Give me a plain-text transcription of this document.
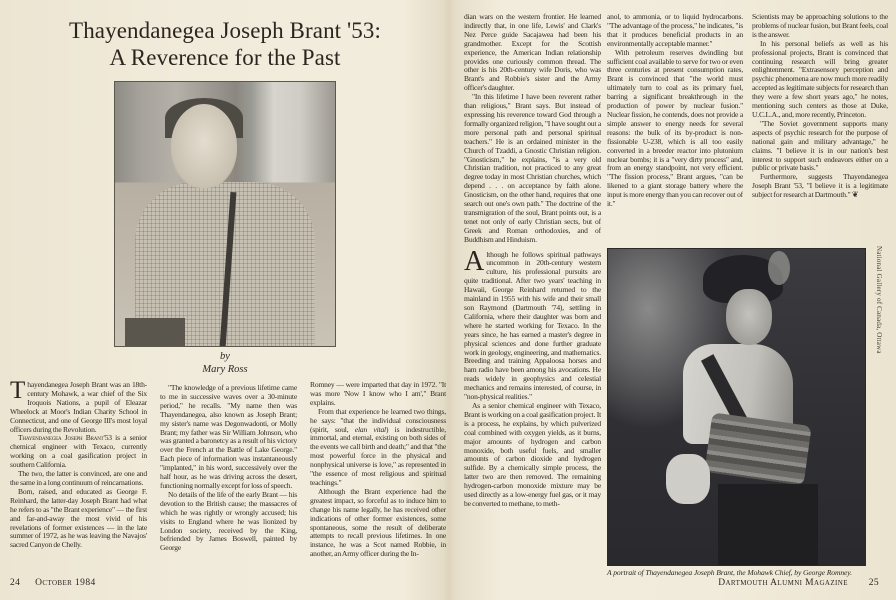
Thayendanegea Joseph Brant '53:
A Reverence for the Past
by
Mary Ross

Thayendanegea Joseph Brant was an 18th-century Mohawk, a war chief of the Six Iroquois Nations, a pupil of Eleazar Wheelock at Moor's Indian Charity School in Connecticut, and one of George III's most loyal officers during the Revolution.

Thayendanegea Joseph Brant'53 is a senior chemical engineer with Texaco, currently working on a coal gasification project in southern California.

The two, the latter is convinced, are one and the same in a long continuum of reincarnations.

Born, raised, and educated as George F. Reinhard, the latter-day Joseph Brant had what he refers to as "the Brant experience" — the first and far-and-away the most vivid of his revelations of former existences — in the late summer of 1972, as he was leaving the Navajos' sacred Canyon de Chelly.

"The knowledge of a previous lifetime came to me in successive waves over a 30-minute period," he recalls. "My name then was Thayendanegea, also known as Joseph Brant; my sister's name was Degonwadonti, or Molly Brant; my father was Sir William Johnson, who was granted a baronetcy as a result of his victory over the French at the Battle of Lake George." Each piece of information was instantaneously "implanted," in his word, successively over the half hour, as he was driving across the desert, functioning normally except for loss of speech.

No details of the life of the early Brant — his devotion to the British cause; the massacres of which he was rightly or wrongly accused; his visits to England where he was lionized by London society, received by the King, befriended by James Boswell, painted by George

Romney — were imparted that day in 1972. "It was more 'Now I know who I am'," Brant explains.

From that experience he learned two things, he says: "that the individual consciousness (spirit, soul, elan vital) is indestructible, immortal, and eternal, existing on both sides of the events we call birth and death;" and that "the most powerful force in the physical and nonphysical universe is love," as represented in "the essence of most religious and spiritual teachings."

Although the Brant experience had the greatest impact, so forceful as to induce him to change his name legally, he has received other indications of other former existences, some spontaneous, some the result of deliberate attempts to recall previous lifetimes. In one instance, he was a Scot named Robbie, in another, an Army officer during the In-

dian wars on the western frontier. He learned indirectly that, in one life, Lewis' and Clark's Nez Perce guide Sacajawea had been his grandmother. Except for the Scottish experience, the American Indian relationship provides one curiously common thread. The other is his 20th-century wife Doris, who was Brant's and Robbie's sister and the Army officer's daughter.

"In this lifetime I have been reverent rather than religious," Brant says. But instead of expressing his reverence toward God through a formally organized religion, "I have sought out a more personal path and personal spiritual teachers." He is an ordained minister in the Church of Tzaddi, a Gnostic Christian religion. "Gnosticism," he explains, "is a very old Christian tradition, not practiced to any great degree today in most Christian churches, which depend . . . on acceptance by faith alone. Gnosticism, on the other hand, requires that one search out one's own path." The doctrine of the transmigration of the soul, Brant points out, is a tenet not only of early Christian sects, but of Greek and Roman orthodoxies, and of Buddhism and Hinduism.

Although he follows spiritual pathways uncommon in 20th-century western culture, his professional pursuits are quite traditional. After two years' teaching in Hawaii, George Reinhard returned to the mainland in 1955 with his wife and their small son Raymond (Dartmouth '74), settling in California, where their daughter was born and where he started working for Texaco. In the years since, he has earned a master's degree in physical sciences and done further graduate work in geology, engineering, and mathematics. Breeding and training Appaloosa horses and ham radio have been among his avocations. He reads widely in geophysics and celestial mechanics and remains interested, of course, in "non-physical realities."

As a senior chemical engineer with Texaco, Brant is working on a coal gasification project. It is a process, he explains, by which pulverized coal combined with oxygen yields, as it burns, major amounts of hydrogen and carbon monoxide, both useful fuels, and smaller amounts of carbon dioxide and hydrogen sulfide. By a chemically simple process, the latter two are then removed. The remaining hydrogen-carbon monoxide mixture may be used directly as a low-energy fuel gas, or it may be converted to methane, to meth-

anol, to ammonia, or to liquid hydrocarbons. "The advantage of the process," he indicates, "is that it produces beneficial products in an environmentally acceptable manner."

With petroleum reserves dwindling but sufficient coal available to serve for two or even three centuries at present consumption rates, Brant is convinced that "the world must ultimately turn to coal as its primary fuel, barring a significant breakthrough in the production of power by nuclear fusion." Nuclear fission, he contends, does not provide a simple answer to energy needs for several reasons: the bulk of its by-product is non-fissionable U-238, which is all too easily converted in a breeder reactor into plutonium nuclear bombs; it is a "very dirty process" and, from an energy standpoint, not very efficient. "The fission process," Brant argues, "can be likened to a giant storage battery where the input is more energy than you can recover out of it."

Scientists may be approaching solutions to the problems of nuclear fusion, but Brant feels, coal is the answer.

In his personal beliefs as well as his professional projects, Brant is convinced that continuing research will bring greater enlightenment. "Extrasensory perception and psychic phenomena are now much more readily accepted as legitimate subjects for research than they were a few short years ago," he notes, mentioning such centers as those at Duke, U.C.L.A., and, more recently, Princeton.

"The Soviet government supports many aspects of psychic research for the purpose of national gain and military advantage," he claims. "I believe it is in our nation's best interest to support such endeavors either on a public or private basis."

Furthermore, suggests Thayendanegea Joseph Brant '53, "I believe it is a legitimate subject for research at Dartmouth." ❦

National Gallery of Canada, Ottawa
A portrait of Thayendanegea Joseph Brant, the Mohawk Chief, by George Romney.
24 October 1984	Dartmouth Alumni Magazine 25
